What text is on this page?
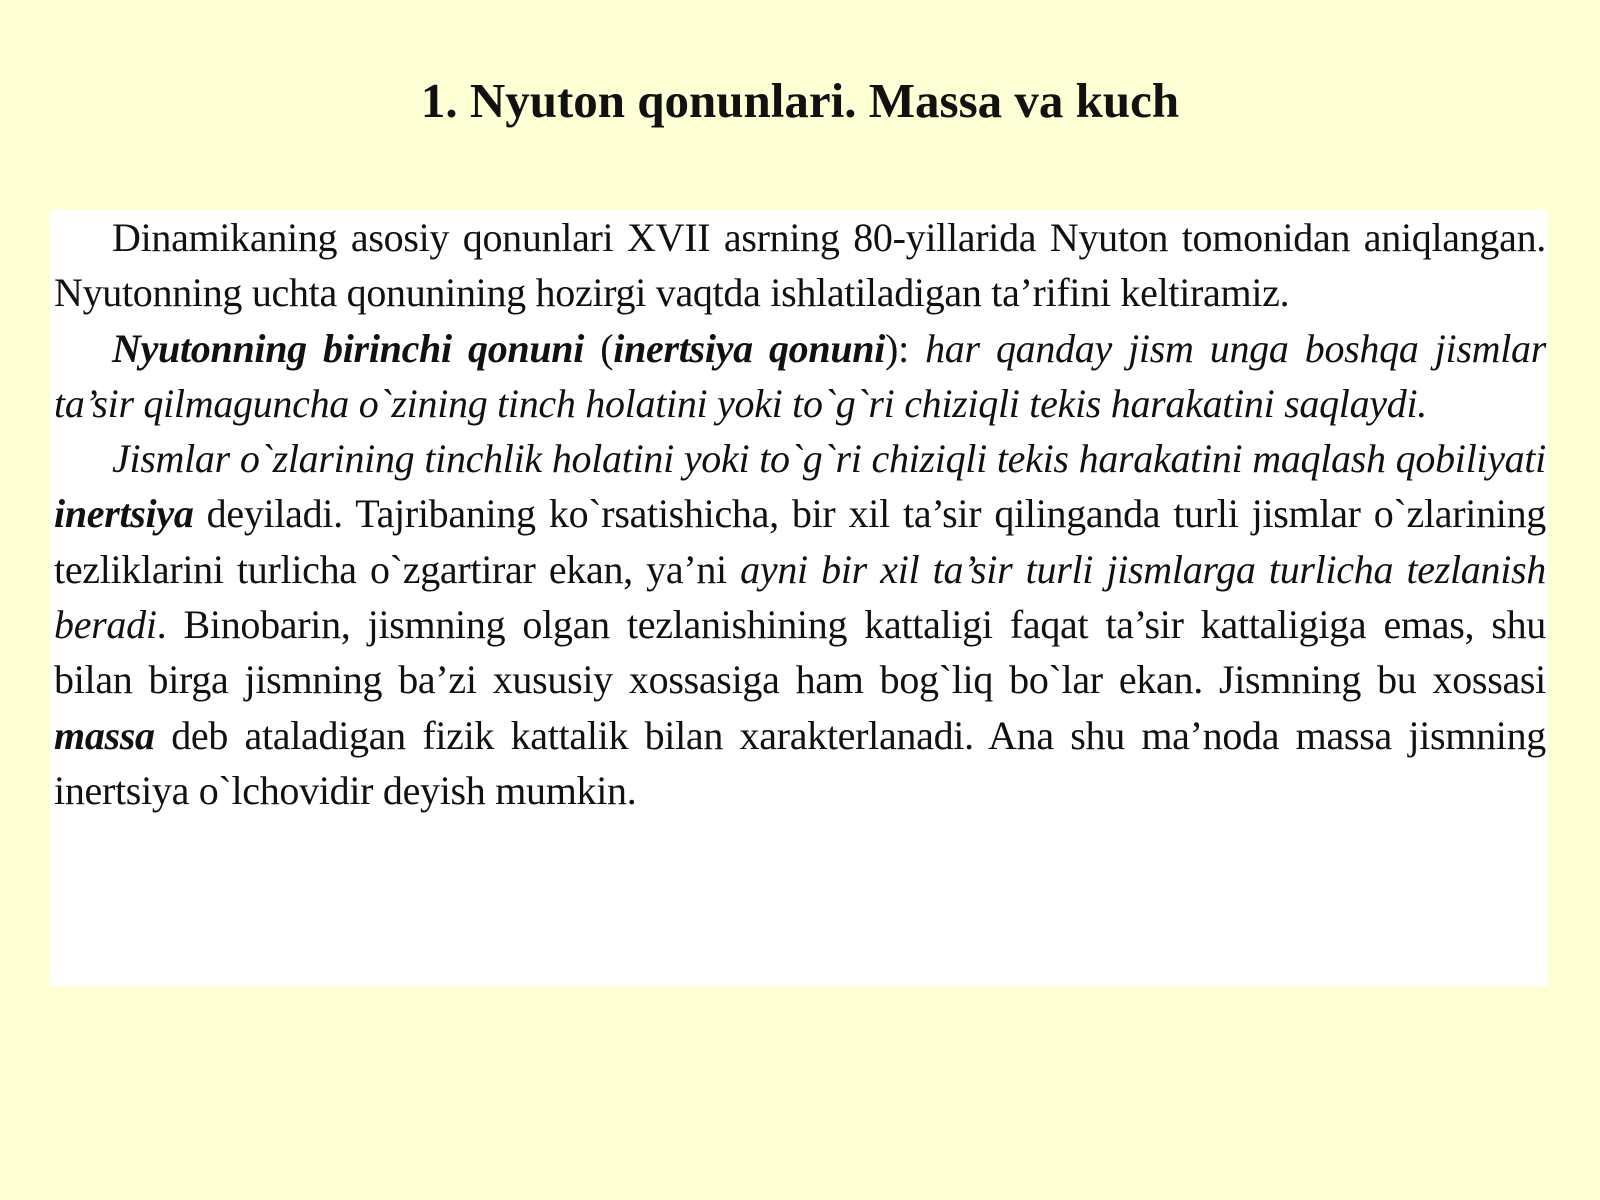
1. Nyuton qonunlari. Massa va kuch

Dinamikaning asosiy qonunlari XVII asrning 80-yillarida Nyuton tomonidan aniqlangan. Nyutonning uchta qonunining hozirgi vaqtda ishlatiladigan ta’rifini keltiramiz.

Nyutonning birinchi qonuni (inertsiya qonuni): har qanday jism unga boshqa jismlar ta’sir qilmaguncha o`zining tinch holatini yoki to`g`ri chiziqli tekis harakatini saqlaydi.

Jismlar o`zlarining tinchlik holatini yoki to`g`ri chiziqli tekis harakatini maqlash qobiliyati inertsiya deyiladi. Tajribaning ko`rsatishicha, bir xil ta’sir qilinganda turli jismlar o`zlarining tezliklarini turlicha o`zgartirar ekan, ya’ni ayni bir xil ta’sir turli jismlarga turlicha tezlanish beradi. Binobarin, jismning olgan tezlanishining kattaligi faqat ta’sir kattaligiga emas, shu bilan birga jismning ba’zi xususiy xossasiga ham bog`liq bo`lar ekan. Jismning bu xossasi massa deb ataladigan fizik kattalik bilan xarakterlanadi. Ana shu ma’noda massa jismning inertsiya o`lchovidir deyish mumkin.
